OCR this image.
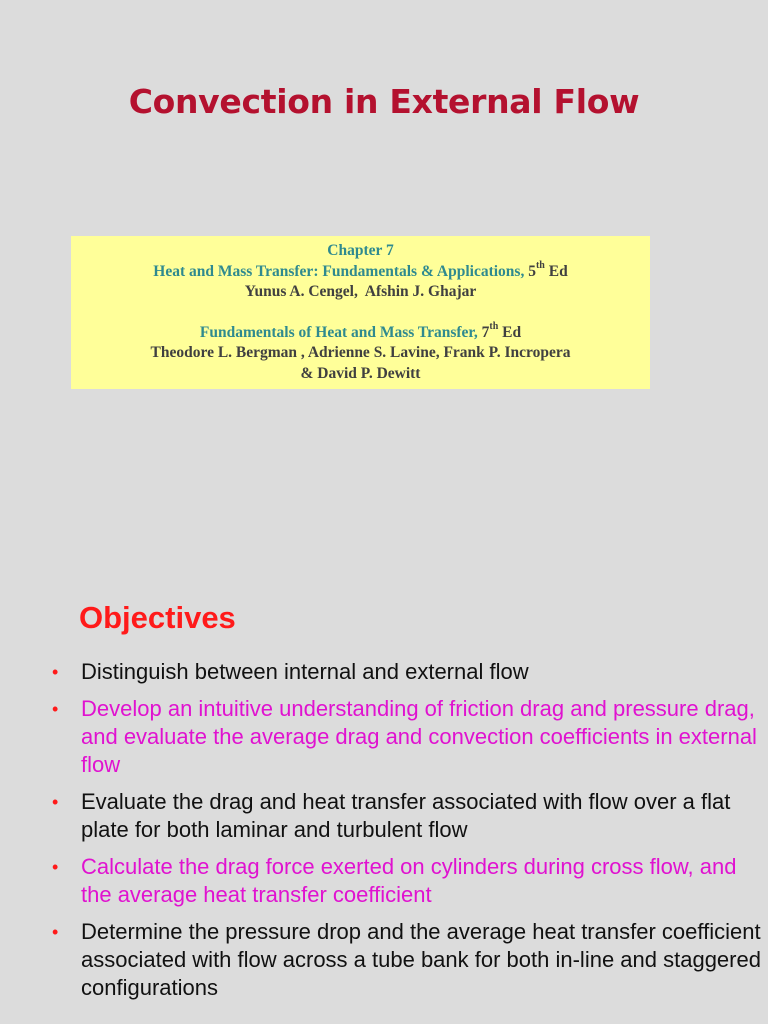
Convection in External Flow
Chapter 7
Heat and Mass Transfer: Fundamentals & Applications, 5th Ed
Yunus A. Cengel,  Afshin J. Ghajar
Fundamentals of Heat and Mass Transfer, 7th Ed
Theodore L. Bergman , Adrienne S. Lavine, Frank P. Incropera
& David P. Dewitt
Objectives
• Distinguish between internal and external flow
• Develop an intuitive understanding of friction drag and pressure drag, and evaluate the average drag and convection coefficients in external flow
• Evaluate the drag and heat transfer associated with flow over a flat plate for both laminar and turbulent flow
• Calculate the drag force exerted on cylinders during cross flow, and the average heat transfer coefficient
• Determine the pressure drop and the average heat transfer coefficient associated with flow across a tube bank for both in-line and staggered configurations
